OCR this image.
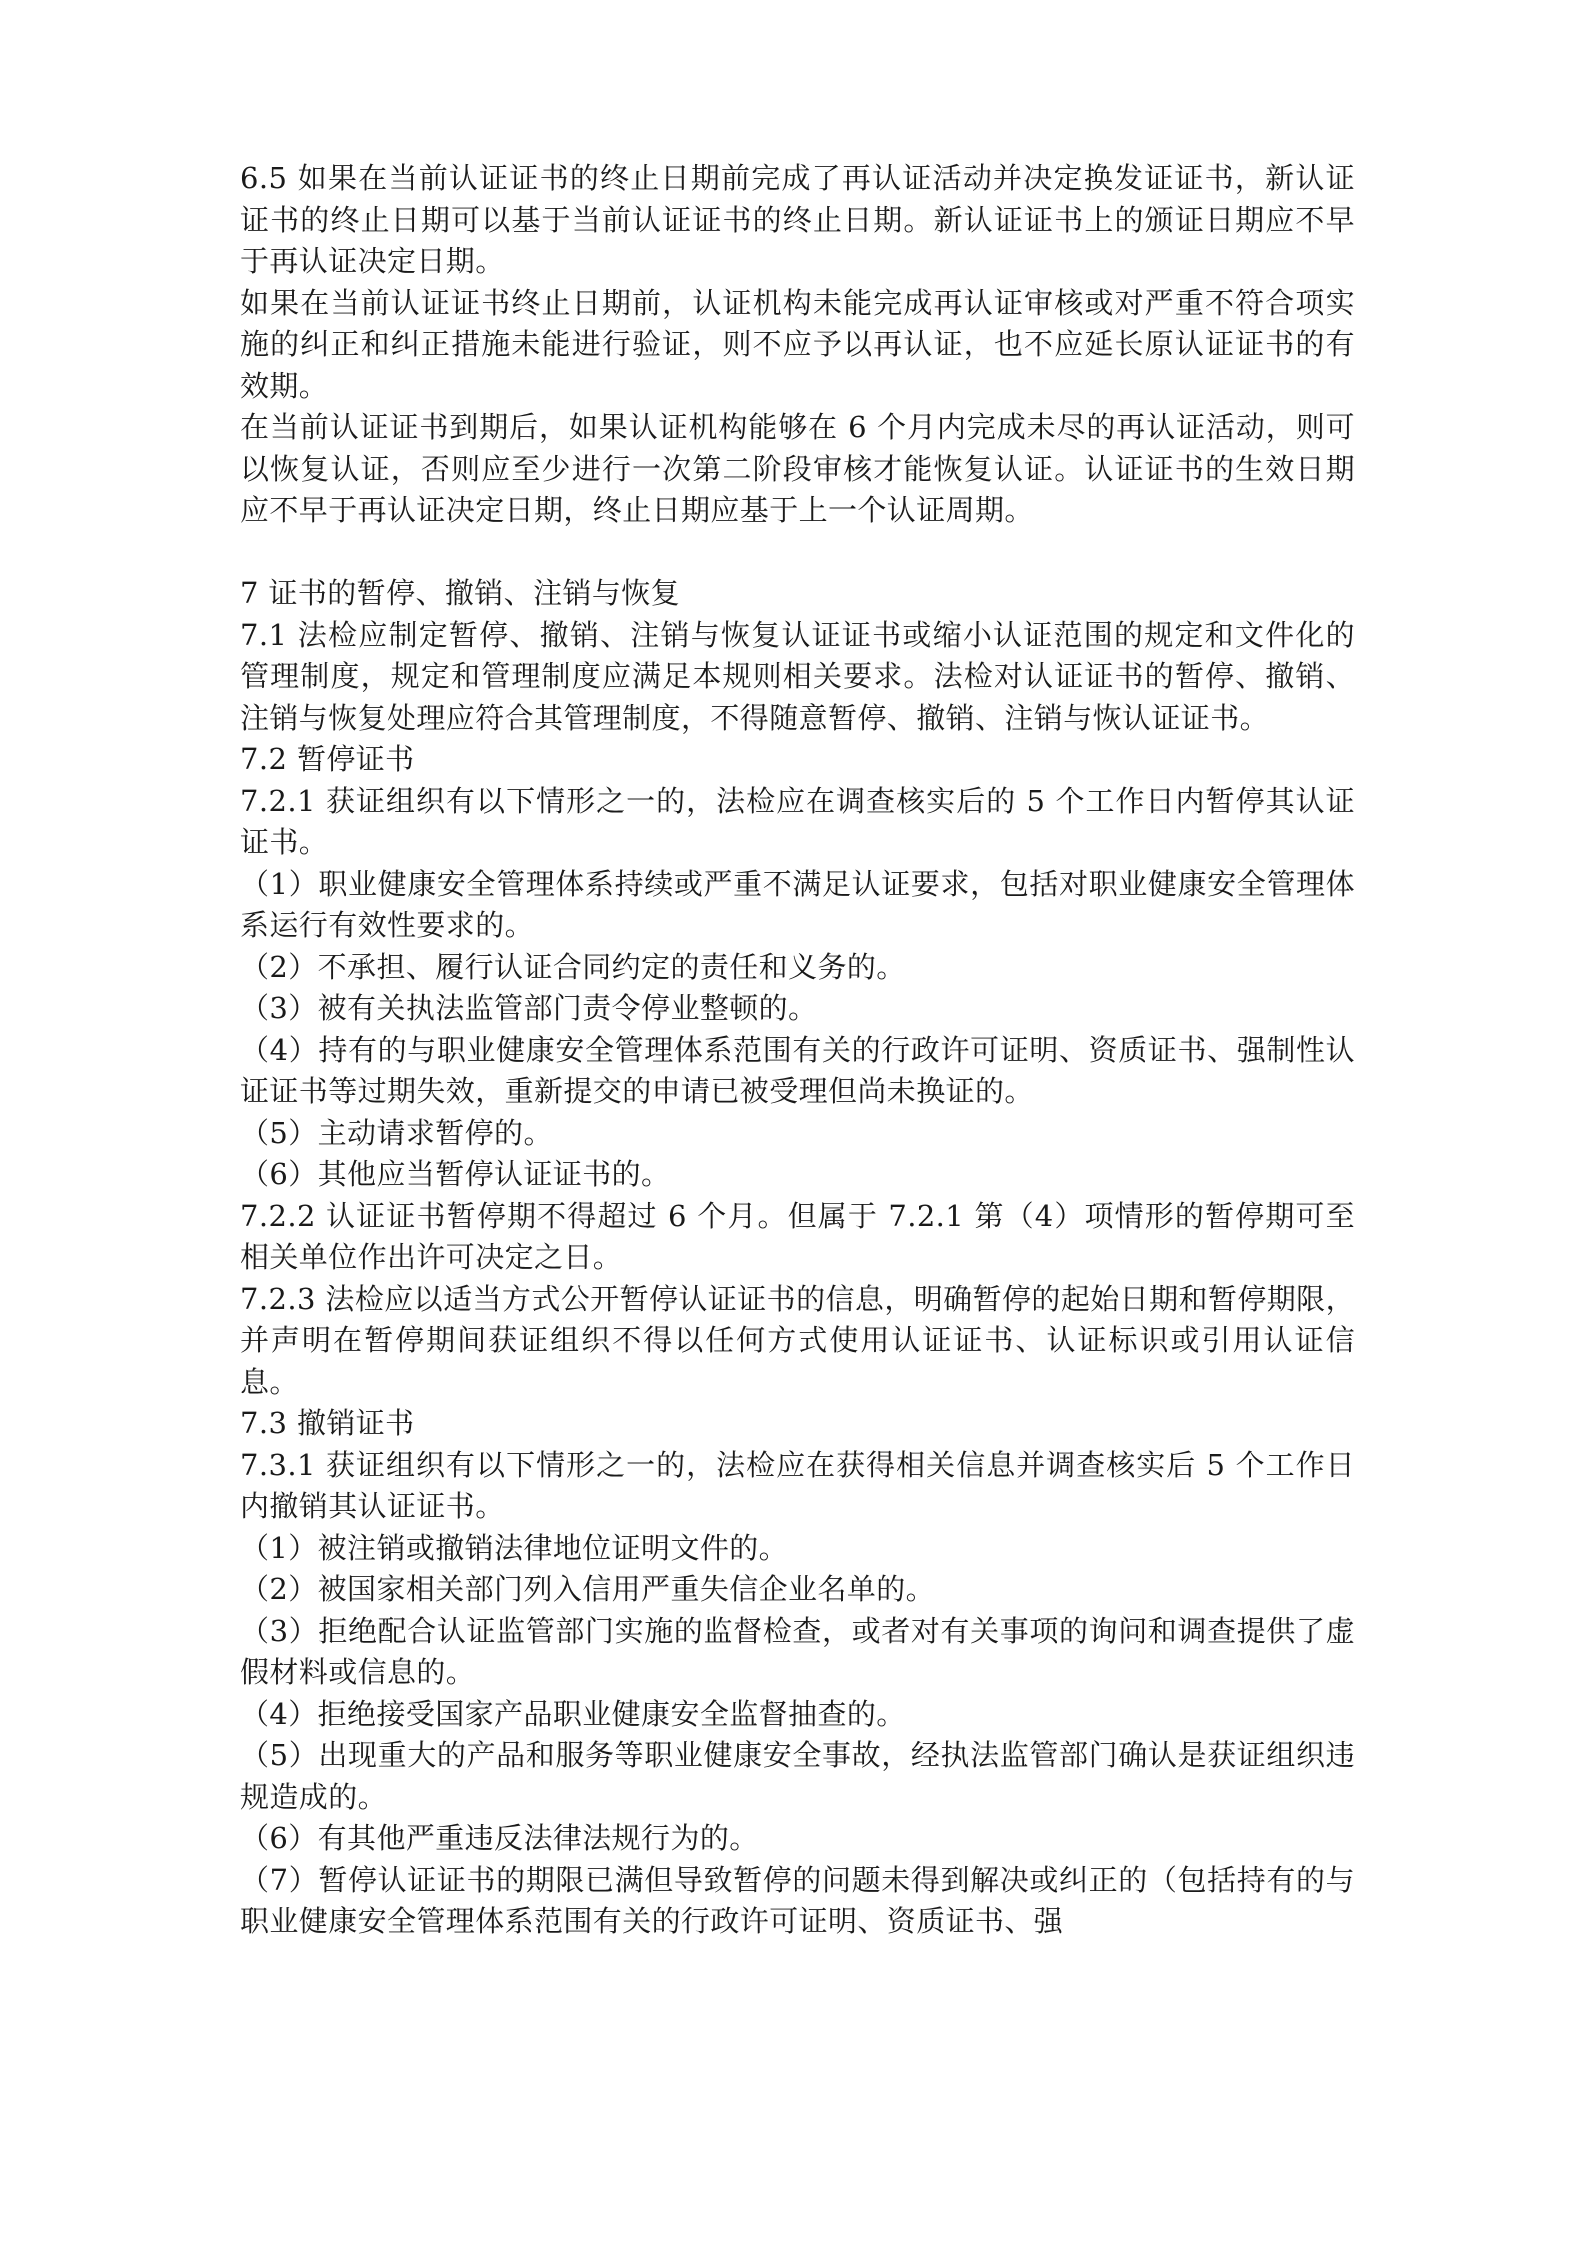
6.5 如果在当前认证证书的终止日期前完成了再认证活动并决定换发证证书，新认证证书的终止日期可以基于当前认证证书的终止日期。新认证证书上的颁证日期应不早于再认证决定日期。

如果在当前认证证书终止日期前，认证机构未能完成再认证审核或对严重不符合项实施的纠正和纠正措施未能进行验证，则不应予以再认证，也不应延长原认证证书的有效期。

在当前认证证书到期后，如果认证机构能够在 6 个月内完成未尽的再认证活动，则可以恢复认证，否则应至少进行一次第二阶段审核才能恢复认证。认证证书的生效日期应不早于再认证决定日期，终止日期应基于上一个认证周期。

7 证书的暂停、撤销、注销与恢复

7.1 法检应制定暂停、撤销、注销与恢复认证证书或缩小认证范围的规定和文件化的管理制度，规定和管理制度应满足本规则相关要求。法检对认证证书的暂停、撤销、注销与恢复处理应符合其管理制度，不得随意暂停、撤销、注销与恢认证证书。

7.2 暂停证书

7.2.1 获证组织有以下情形之一的，法检应在调查核实后的 5 个工作日内暂停其认证证书。

（1）职业健康安全管理体系持续或严重不满足认证要求，包括对职业健康安全管理体系运行有效性要求的。

（2）不承担、履行认证合同约定的责任和义务的。

（3）被有关执法监管部门责令停业整顿的。

（4）持有的与职业健康安全管理体系范围有关的行政许可证明、资质证书、强制性认证证书等过期失效，重新提交的申请已被受理但尚未换证的。

（5）主动请求暂停的。

（6）其他应当暂停认证证书的。

7.2.2 认证证书暂停期不得超过 6 个月。但属于 7.2.1 第（4）项情形的暂停期可至相关单位作出许可决定之日。

7.2.3 法检应以适当方式公开暂停认证证书的信息，明确暂停的起始日期和暂停期限，并声明在暂停期间获证组织不得以任何方式使用认证证书、认证标识或引用认证信息。

7.3 撤销证书

7.3.1 获证组织有以下情形之一的，法检应在获得相关信息并调查核实后 5 个工作日内撤销其认证证书。

（1）被注销或撤销法律地位证明文件的。

（2）被国家相关部门列入信用严重失信企业名单的。

（3）拒绝配合认证监管部门实施的监督检查，或者对有关事项的询问和调查提供了虚假材料或信息的。

（4）拒绝接受国家产品职业健康安全监督抽查的。

（5）出现重大的产品和服务等职业健康安全事故，经执法监管部门确认是获证组织违规造成的。

（6）有其他严重违反法律法规行为的。

（7）暂停认证证书的期限已满但导致暂停的问题未得到解决或纠正的（包括持有的与职业健康安全管理体系范围有关的行政许可证明、资质证书、强
